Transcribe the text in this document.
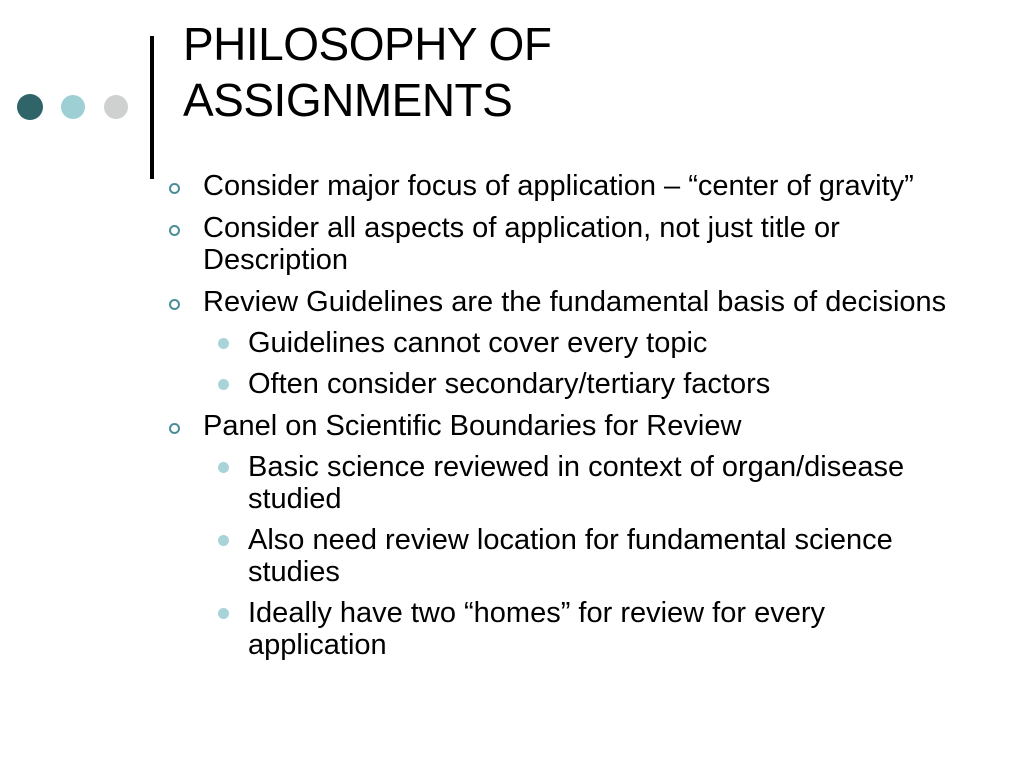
PHILOSOPHY OF
ASSIGNMENTS
Consider major focus of application – “center of gravity”
Consider all aspects of application, not just title or Description
Review Guidelines are the fundamental basis of decisions
Guidelines cannot cover every topic
Often consider secondary/tertiary factors
Panel on Scientific Boundaries for Review
Basic science reviewed in context of organ/disease studied
Also need review location for fundamental science studies
Ideally have two “homes” for review for every application
